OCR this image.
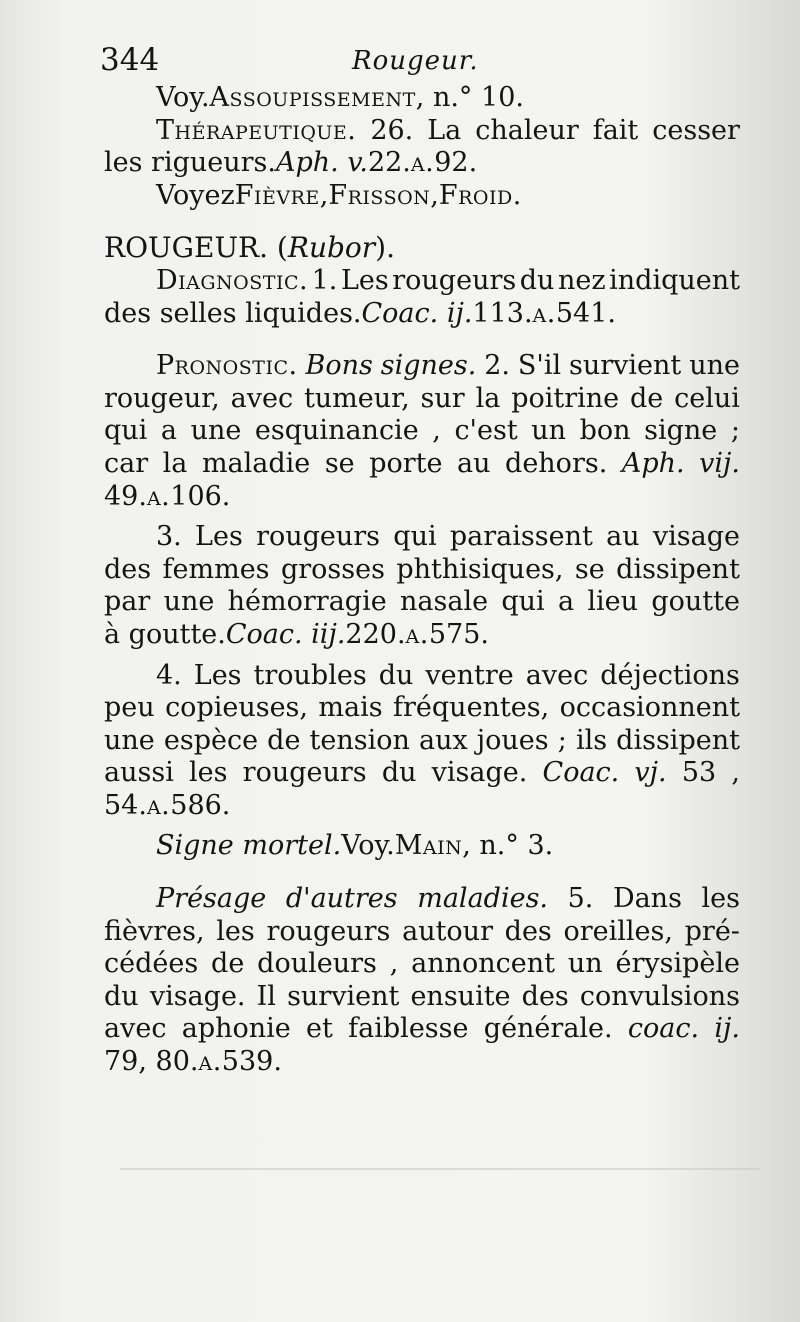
344	Rougeur.
Voy. Assoupissement , n.° 10.
Thérapeutique. 26. La chaleur fait cesser
les rigueurs. Aph. v. 22. a. 92.
Voyez Fièvre , Frisson , Froid .
ROUGEUR. ( Rubor ).
Diagnostic. 1. Les rougeurs du nez indiquent
des selles liquides. Coac. ij. 113. a. 541.
Pronostic. Bons signes. 2. S'il survient une
rougeur, avec tumeur, sur la poitrine de celui
qui a une esquinancie , c'est un bon signe ;
car la maladie se porte au dehors. Aph. vij.
49. a. 106.
3. Les rougeurs qui paraissent au visage
des femmes grosses phthisiques, se dissipent
par une hémorragie nasale qui a lieu goutte
à goutte. Coac. iij. 220. a. 575.
4. Les troubles du ventre avec déjections
peu copieuses, mais fréquentes, occasionnent
une espèce de tension aux joues ; ils dissipent
aussi les rougeurs du visage. Coac. vj. 53 ,
54. a. 586.
Signe mortel. Voy. Main , n.° 3.
Présage d'autres maladies. 5. Dans les
fièvres, les rougeurs autour des oreilles, pré-
cédées de douleurs , annoncent un érysipèle
du visage. Il survient ensuite des convulsions
avec aphonie et faiblesse générale. coac. ij.
79, 80. a. 539.
